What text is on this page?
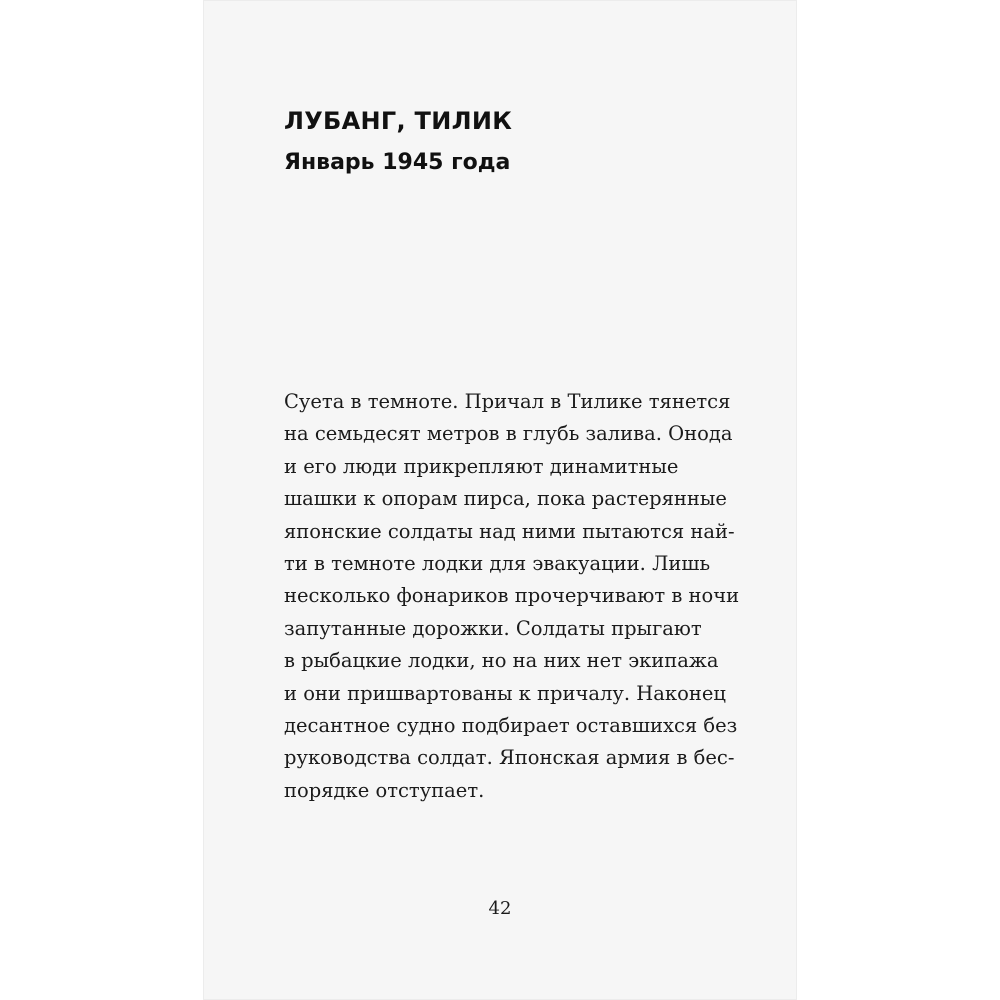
ЛУБАНГ, ТИЛИК
Январь 1945 года
Суета в темноте. Причал в Тилике тянется
на семьдесят метров в глубь залива. Онода
и его люди прикрепляют динамитные
шашки к опорам пирса, пока растерянные
японские солдаты над ними пытаются най-
ти в темноте лодки для эвакуации. Лишь
несколько фонариков прочерчивают в ночи
запутанные дорожки. Солдаты прыгают
в рыбацкие лодки, но на них нет экипажа
и они пришвартованы к причалу. Наконец
десантное судно подбирает оставшихся без
руководства солдат. Японская армия в бес-
порядке отступает.
42
